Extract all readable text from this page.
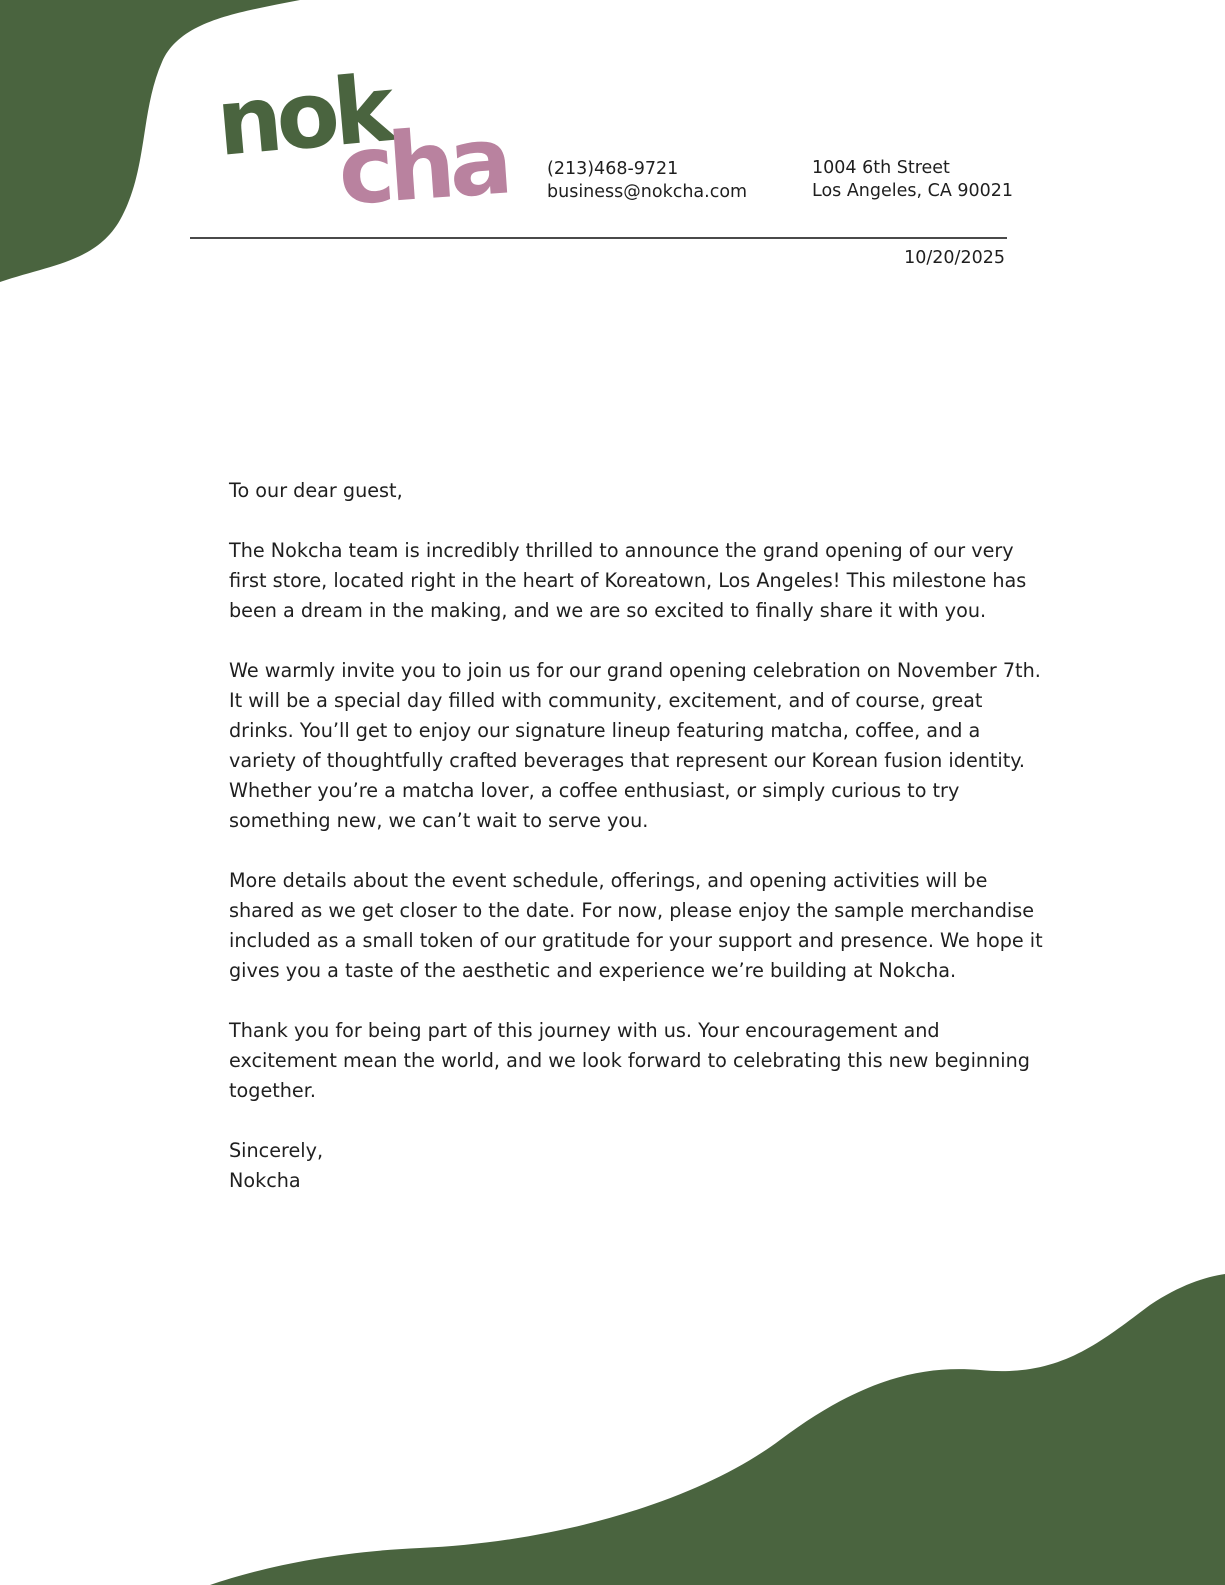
nok
cha (213)468-9721
business@nokcha.com
1004 6th Street
Los Angeles, CA 90021
10/20/2025

To our dear guest,

The Nokcha team is incredibly thrilled to announce the grand opening of our very
first store, located right in the heart of Koreatown, Los Angeles! This milestone has
been a dream in the making, and we are so excited to finally share it with you.

We warmly invite you to join us for our grand opening celebration on November 7th.
It will be a special day filled with community, excitement, and of course, great
drinks. You’ll get to enjoy our signature lineup featuring matcha, coffee, and a
variety of thoughtfully crafted beverages that represent our Korean fusion identity.
Whether you’re a matcha lover, a coffee enthusiast, or simply curious to try
something new, we can’t wait to serve you.

More details about the event schedule, offerings, and opening activities will be
shared as we get closer to the date. For now, please enjoy the sample merchandise
included as a small token of our gratitude for your support and presence. We hope it
gives you a taste of the aesthetic and experience we’re building at Nokcha.

Thank you for being part of this journey with us. Your encouragement and
excitement mean the world, and we look forward to celebrating this new beginning
together.

Sincerely,
Nokcha
